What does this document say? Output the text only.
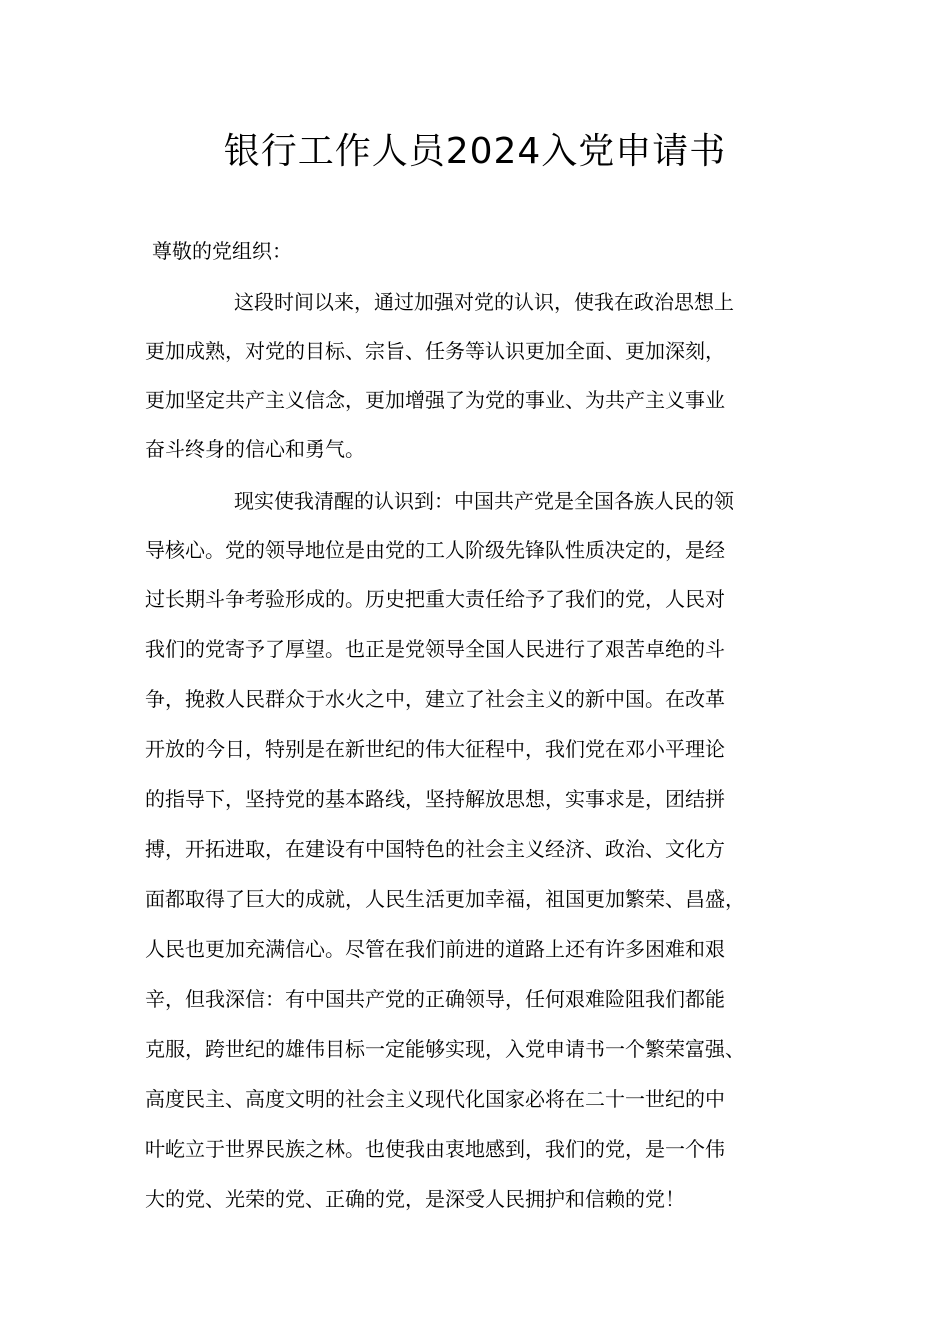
银行工作人员2024入党申请书
尊敬的党组织：
这段时间以来，通过加强对党的认识，使我在政治思想上
更加成熟，对党的目标、宗旨、任务等认识更加全面、更加深刻，
更加坚定共产主义信念，更加增强了为党的事业、为共产主义事业
奋斗终身的信心和勇气。
现实使我清醒的认识到：中国共产党是全国各族人民的领
导核心。党的领导地位是由党的工人阶级先锋队性质决定的，是经
过长期斗争考验形成的。历史把重大责任给予了我们的党，人民对
我们的党寄予了厚望。也正是党领导全国人民进行了艰苦卓绝的斗
争，挽救人民群众于水火之中，建立了社会主义的新中国。在改革
开放的今日，特别是在新世纪的伟大征程中，我们党在邓小平理论
的指导下，坚持党的基本路线，坚持解放思想，实事求是，团结拼
搏，开拓进取，在建设有中国特色的社会主义经济、政治、文化方
面都取得了巨大的成就，人民生活更加幸福，祖国更加繁荣、昌盛，
人民也更加充满信心。尽管在我们前进的道路上还有许多困难和艰
辛，但我深信：有中国共产党的正确领导，任何艰难险阻我们都能
克服，跨世纪的雄伟目标一定能够实现，入党申请书一个繁荣富强、
高度民主、高度文明的社会主义现代化国家必将在二十一世纪的中
叶屹立于世界民族之林。也使我由衷地感到，我们的党，是一个伟
大的党、光荣的党、正确的党，是深受人民拥护和信赖的党！
